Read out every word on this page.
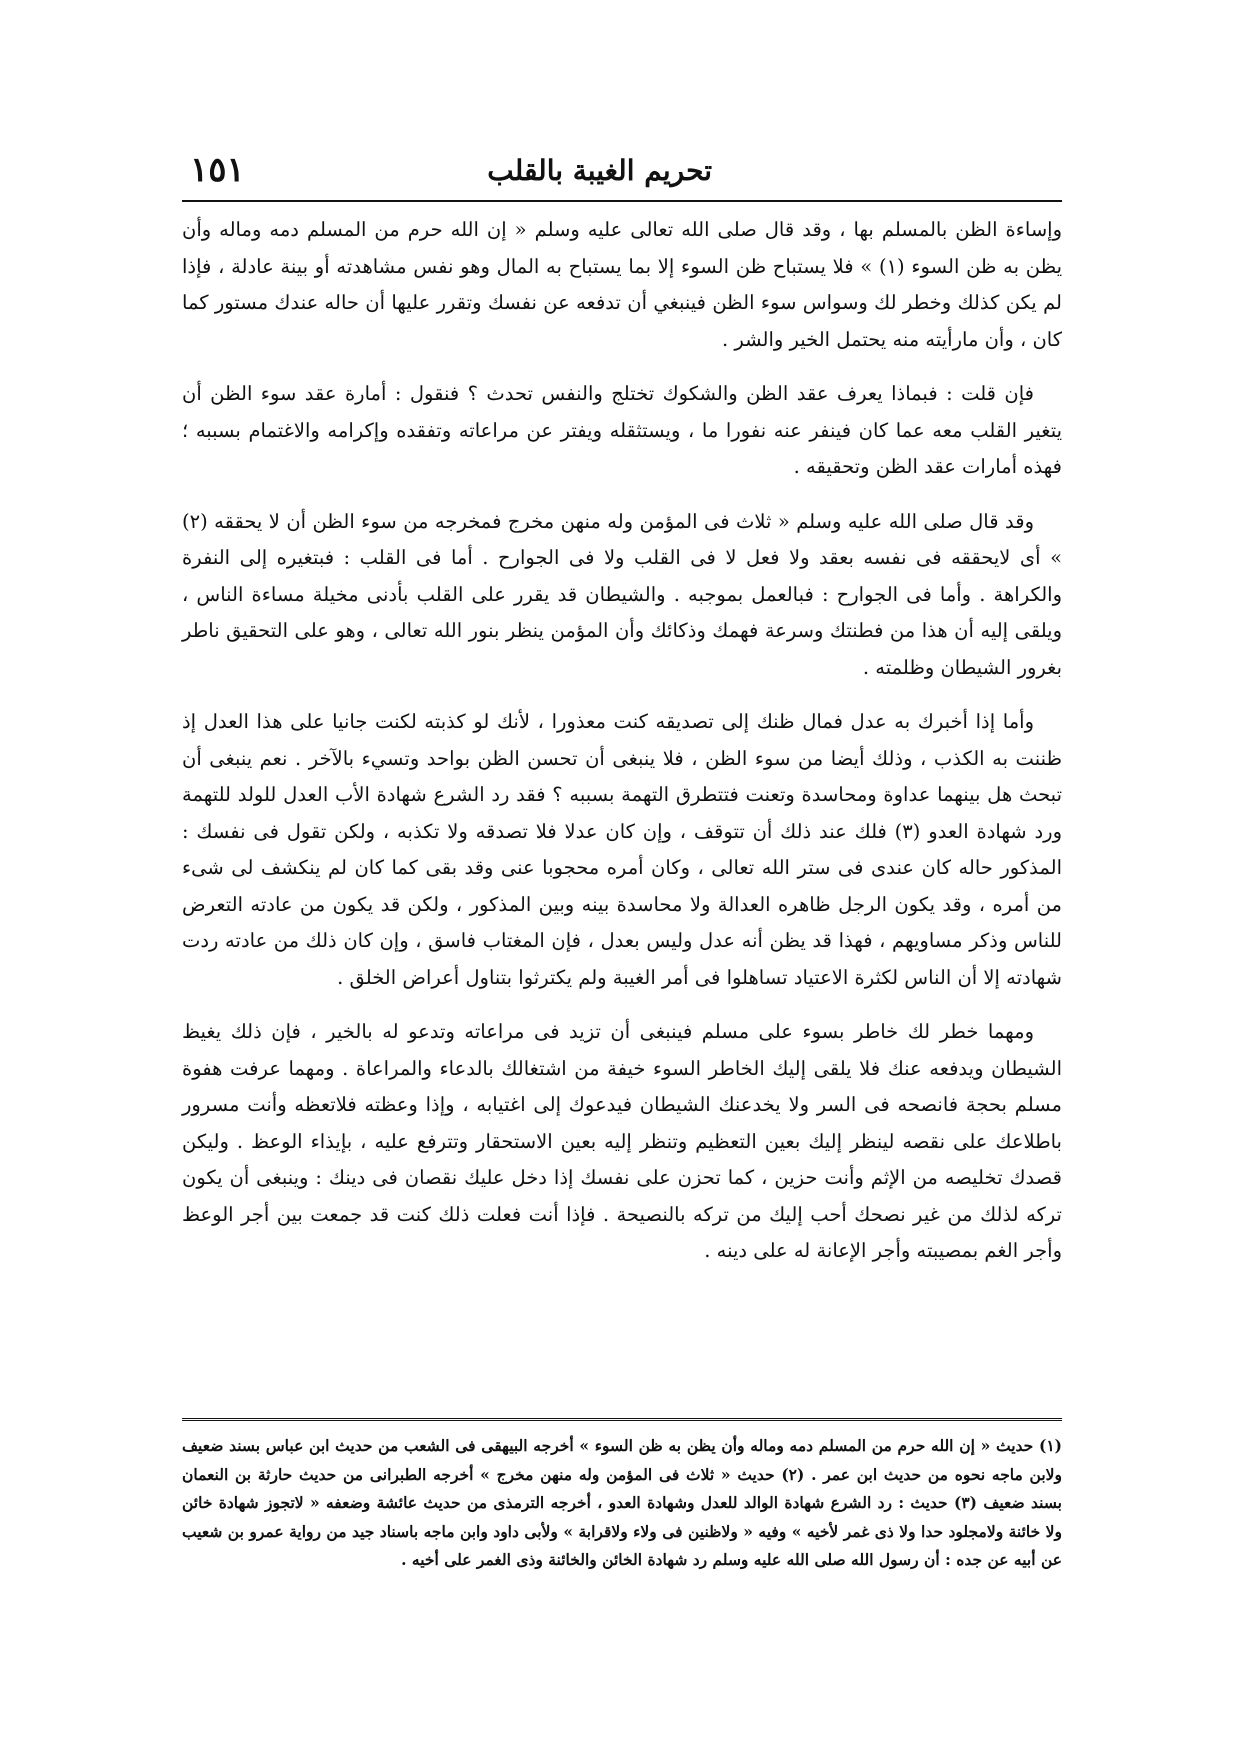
تحريم الغيبة بالقلب
١٥١

وإساءة الظن بالمسلم بها ، وقد قال صلى الله تعالى عليه وسلم « إن الله حرم من المسلم دمه وماله وأن يظن به ظن السوء (١) » فلا يستباح ظن السوء إلا بما يستباح به المال وهو نفس مشاهدته أو بينة عادلة ، فإذا لم يكن كذلك وخطر لك وسواس سوء الظن فينبغي أن تدفعه عن نفسك وتقرر عليها أن حاله عندك مستور كما كان ، وأن مارأيته منه يحتمل الخير والشر .

فإن قلت : فبماذا يعرف عقد الظن والشكوك تختلج والنفس تحدث ؟ فنقول : أمارة عقد سوء الظن أن يتغير القلب معه عما كان فينفر عنه نفورا ما ، ويستثقله ويفتر عن مراعاته وتفقده وإكرامه والاغتمام بسببه ؛ فهذه أمارات عقد الظن وتحقيقه .

وقد قال صلى الله عليه وسلم « ثلاث فى المؤمن وله منهن مخرج فمخرجه من سوء الظن أن لا يحققه (٢) » أى لايحققه فى نفسه بعقد ولا فعل لا فى القلب ولا فى الجوارح . أما فى القلب : فبتغيره إلى النفرة والكراهة . وأما فى الجوارح : فبالعمل بموجبه . والشيطان قد يقرر على القلب بأدنى مخيلة مساءة الناس ، ويلقى إليه أن هذا من فطنتك وسرعة فهمك وذكائك وأن المؤمن ينظر بنور الله تعالى ، وهو على التحقيق ناطر بغرور الشيطان وظلمته .

وأما إذا أخبرك به عدل فمال ظنك إلى تصديقه كنت معذورا ، لأنك لو كذبته لكنت جانيا على هذا العدل إذ ظننت به الكذب ، وذلك أيضا من سوء الظن ، فلا ينبغى أن تحسن الظن بواحد وتسيء بالآخر . نعم ينبغى أن تبحث هل بينهما عداوة ومحاسدة وتعنت فتتطرق التهمة بسببه ؟ فقد رد الشرع شهادة الأب العدل للولد للتهمة ورد شهادة العدو (٣) فلك عند ذلك أن تتوقف ، وإن كان عدلا فلا تصدقه ولا تكذبه ، ولكن تقول فى نفسك : المذكور حاله كان عندى فى ستر الله تعالى ، وكان أمره محجوبا عنى وقد بقى كما كان لم ينكشف لى شىء من أمره ، وقد يكون الرجل ظاهره العدالة ولا محاسدة بينه وبين المذكور ، ولكن قد يكون من عادته التعرض للناس وذكر مساويهم ، فهذا قد يظن أنه عدل وليس بعدل ، فإن المغتاب فاسق ، وإن كان ذلك من عادته ردت شهادته إلا أن الناس لكثرة الاعتياد تساهلوا فى أمر الغيبة ولم يكترثوا بتناول أعراض الخلق .

ومهما خطر لك خاطر بسوء على مسلم فينبغى أن تزيد فى مراعاته وتدعو له بالخير ، فإن ذلك يغيظ الشيطان ويدفعه عنك فلا يلقى إليك الخاطر السوء خيفة من اشتغالك بالدعاء والمراعاة . ومهما عرفت هفوة مسلم بحجة فانصحه فى السر ولا يخدعنك الشيطان فيدعوك إلى اغتيابه ، وإذا وعظته فلاتعظه وأنت مسرور باطلاعك على نقصه لينظر إليك بعين التعظيم وتنظر إليه بعين الاستحقار وتترفع عليه ، بإيذاء الوعظ . وليكن قصدك تخليصه من الإثم وأنت حزين ، كما تحزن على نفسك إذا دخل عليك نقصان فى دينك : وينبغى أن يكون تركه لذلك من غير نصحك أحب إليك من تركه بالنصيحة . فإذا أنت فعلت ذلك كنت قد جمعت بين أجر الوعظ وأجر الغم بمصيبته وأجر الإعانة له على دينه .

(١) حديث « إن الله حرم من المسلم دمه وماله وأن يظن به ظن السوء » أخرجه البيهقى فى الشعب من حديث ابن عباس بسند ضعيف ولابن ماجه نحوه من حديث ابن عمر . (٢) حديث « ثلاث فى المؤمن وله منهن مخرج » أخرجه الطبرانى من حديث حارثة بن النعمان بسند ضعيف (٣) حديث : رد الشرع شهادة الوالد للعدل وشهادة العدو ، أخرجه الترمذى من حديث عائشة وضعفه « لاتجوز شهادة خائن ولا خائنة ولامجلود حدا ولا ذى غمر لأخيه » وفيه « ولاظنين فى ولاء ولاقرابة » ولأبى داود وابن ماجه باسناد جيد من رواية عمرو بن شعيب عن أبيه عن جده : أن رسول الله صلى الله عليه وسلم رد شهادة الخائن والخائنة وذى الغمر على أخيه .
